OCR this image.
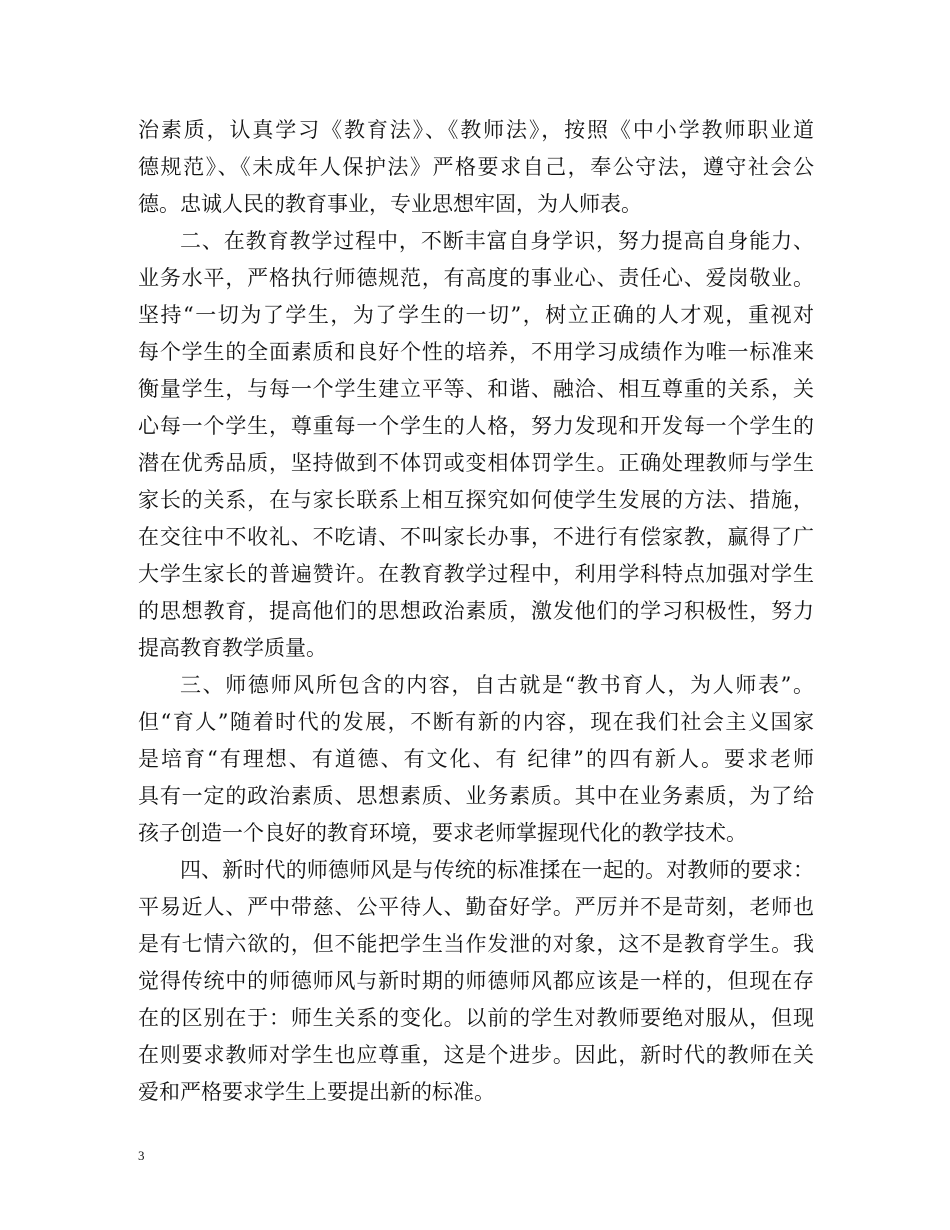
治素质，认真学习《教育法》、《教师法》，按照《中小学教师职业道
德规范》、《未成年人保护法》严格要求自己，奉公守法，遵守社会公
德。忠诚人民的教育事业，专业思想牢固，为人师表。
二、在教育教学过程中，不断丰富自身学识，努力提高自身能力、
业务水平，严格执行师德规范，有高度的事业心、责任心、爱岗敬业。
坚持“一切为了学生，为了学生的一切”，树立正确的人才观，重视对
每个学生的全面素质和良好个性的培养，不用学习成绩作为唯一标准来
衡量学生，与每一个学生建立平等、和谐、融洽、相互尊重的关系，关
心每一个学生，尊重每一个学生的人格，努力发现和开发每一个学生的
潜在优秀品质，坚持做到不体罚或变相体罚学生。正确处理教师与学生
家长的关系，在与家长联系上相互探究如何使学生发展的方法、措施，
在交往中不收礼、不吃请、不叫家长办事，不进行有偿家教，赢得了广
大学生家长的普遍赞许。在教育教学过程中，利用学科特点加强对学生
的思想教育，提高他们的思想政治素质，激发他们的学习积极性，努力
提高教育教学质量。
三、师德师风所包含的内容，自古就是“教书育人，为人师表”。
但“育人”随着时代的发展，不断有新的内容，现在我们社会主义国家
是培育“有理想、有道德、有文化、有 纪律”的四有新人。要求老师
具有一定的政治素质、思想素质、业务素质。其中在业务素质，为了给
孩子创造一个良好的教育环境，要求老师掌握现代化的教学技术。
四、新时代的师德师风是与传统的标准揉在一起的。对教师的要求：
平易近人、严中带慈、公平待人、勤奋好学。严厉并不是苛刻，老师也
是有七情六欲的，但不能把学生当作发泄的对象，这不是教育学生。我
觉得传统中的师德师风与新时期的师德师风都应该是一样的，但现在存
在的区别在于：师生关系的变化。以前的学生对教师要绝对服从，但现
在则要求教师对学生也应尊重，这是个进步。因此，新时代的教师在关
爱和严格要求学生上要提出新的标准。
3
